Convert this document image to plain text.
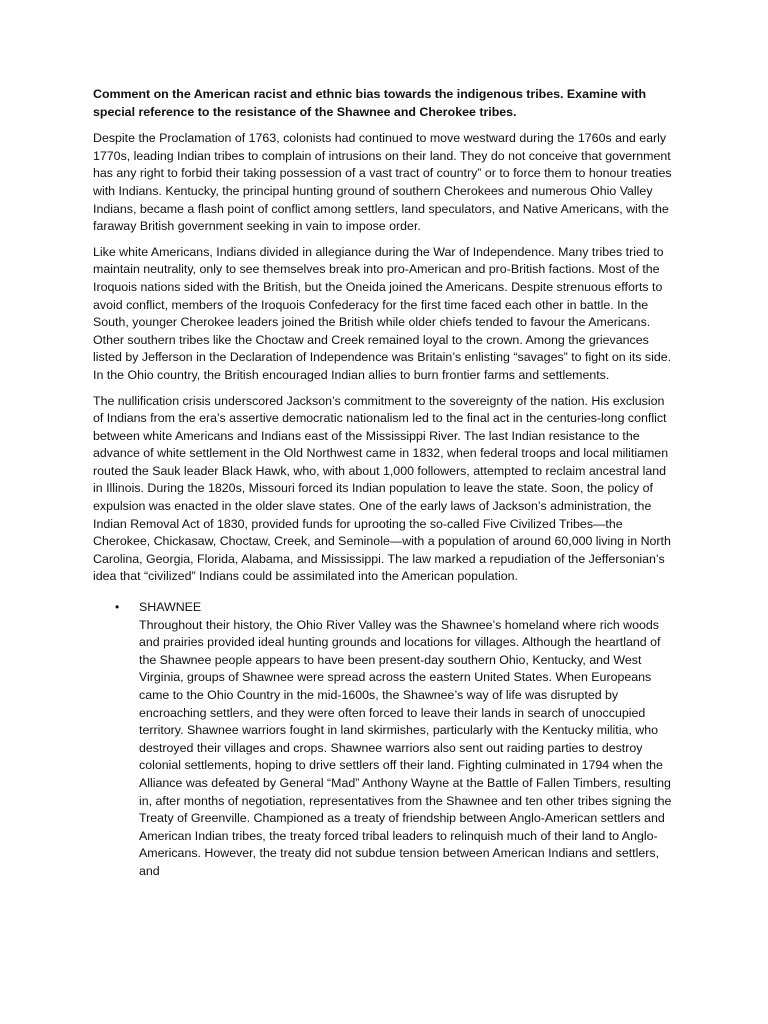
Comment on the American racist and ethnic bias towards the indigenous tribes. Examine with special reference to the resistance of the Shawnee and Cherokee tribes.

Despite the Proclamation of 1763, colonists had continued to move westward during the 1760s and early 1770s, leading Indian tribes to complain of intrusions on their land. They do not conceive that government has any right to forbid their taking possession of a vast tract of country” or to force them to honour treaties with Indians. Kentucky, the principal hunting ground of southern Cherokees and numerous Ohio Valley Indians, became a flash point of conflict among settlers, land speculators, and Native Americans, with the faraway British government seeking in vain to impose order.

Like white Americans, Indians divided in allegiance during the War of Independence. Many tribes tried to maintain neutrality, only to see themselves break into pro-American and pro-British factions. Most of the Iroquois nations sided with the British, but the Oneida joined the Americans. Despite strenuous efforts to avoid conflict, members of the Iroquois Confederacy for the first time faced each other in battle. In the South, younger Cherokee leaders joined the British while older chiefs tended to favour the Americans. Other southern tribes like the Choctaw and Creek remained loyal to the crown. Among the grievances listed by Jefferson in the Declaration of Independence was Britain’s enlisting “savages” to fight on its side. In the Ohio country, the British encouraged Indian allies to burn frontier farms and settlements.

The nullification crisis underscored Jackson’s commitment to the sovereignty of the nation. His exclusion of Indians from the era’s assertive democratic nationalism led to the final act in the centuries-long conflict between white Americans and Indians east of the Mississippi River. The last Indian resistance to the advance of white settlement in the Old Northwest came in 1832, when federal troops and local militiamen routed the Sauk leader Black Hawk, who, with about 1,000 followers, attempted to reclaim ancestral land in Illinois. During the 1820s, Missouri forced its Indian population to leave the state. Soon, the policy of expulsion was enacted in the older slave states. One of the early laws of Jackson’s administration, the Indian Removal Act of 1830, provided funds for uprooting the so-called Five Civilized Tribes—the Cherokee, Chickasaw, Choctaw, Creek, and Seminole—with a population of around 60,000 living in North Carolina, Georgia, Florida, Alabama, and Mississippi. The law marked a repudiation of the Jeffersonian’s idea that “civilized” Indians could be assimilated into the American population.

• SHAWNEE

Throughout their history, the Ohio River Valley was the Shawnee’s homeland where rich woods and prairies provided ideal hunting grounds and locations for villages. Although the heartland of the Shawnee people appears to have been present-day southern Ohio, Kentucky, and West Virginia, groups of Shawnee were spread across the eastern United States. When Europeans came to the Ohio Country in the mid-1600s, the Shawnee’s way of life was disrupted by encroaching settlers, and they were often forced to leave their lands in search of unoccupied territory. Shawnee warriors fought in land skirmishes, particularly with the Kentucky militia, who destroyed their villages and crops. Shawnee warriors also sent out raiding parties to destroy colonial settlements, hoping to drive settlers off their land. Fighting culminated in 1794 when the Alliance was defeated by General “Mad” Anthony Wayne at the Battle of Fallen Timbers, resulting in, after months of negotiation, representatives from the Shawnee and ten other tribes signing the Treaty of Greenville. Championed as a treaty of friendship between Anglo-American settlers and American Indian tribes, the treaty forced tribal leaders to relinquish much of their land to Anglo-Americans. However, the treaty did not subdue tension between American Indians and settlers, and
